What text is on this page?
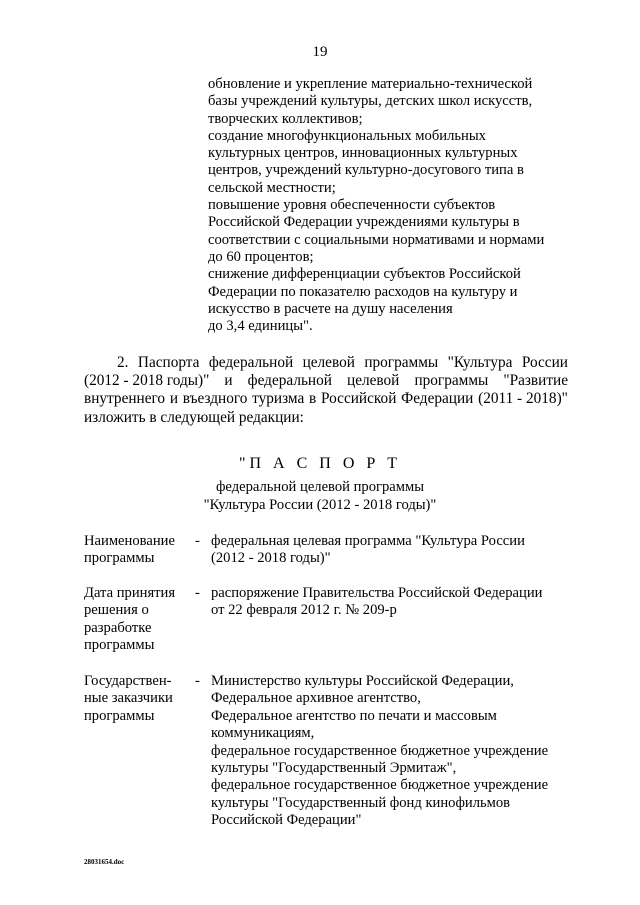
19
обновление и укрепление материально-технической
базы учреждений культуры, детских школ искусств,
творческих коллективов;
создание многофункциональных мобильных
культурных центров, инновационных культурных
центров, учреждений культурно-досугового типа в
сельской местности;
повышение уровня обеспеченности субъектов
Российской Федерации учреждениями культуры в
соответствии с социальными нормативами и нормами
до 60 процентов;
снижение дифференциации субъектов Российской
Федерации по показателю расходов на культуру и
искусство в расчете на душу населения
до 3,4 единицы".
2. Паспорта федеральной целевой программы "Культура России
(2012 - 2018 годы)" и федеральной целевой программы "Развитие
внутреннего и въездного туризма в Российской Федерации (2011 - 2018)"
изложить в следующей редакции:
"П А С П О Р Т
федеральной целевой программы
"Культура России (2012 - 2018 годы)"
Наименование
программы
- федеральная целевая программа "Культура России
(2012 - 2018 годы)"
Дата принятия
решения о
разработке
программы
- распоряжение Правительства Российской Федерации
от 22 февраля 2012 г. № 209-р
Государствен-
ные заказчики
программы
- Министерство культуры Российской Федерации,
Федеральное архивное агентство,
Федеральное агентство по печати и массовым
коммуникациям,
федеральное государственное бюджетное учреждение
культуры "Государственный Эрмитаж",
федеральное государственное бюджетное учреждение
культуры "Государственный фонд кинофильмов
Российской Федерации"
28031654.doc
